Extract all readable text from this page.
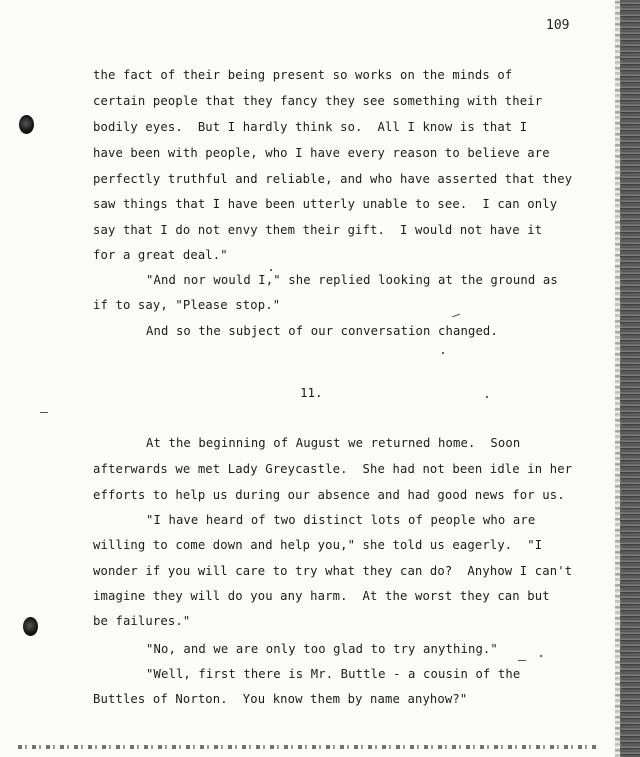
109
the fact of their being present so works on the minds of
certain people that they fancy they see something with their
bodily eyes.  But I hardly think so.  All I know is that I
have been with people, who I have every reason to believe are
perfectly truthful and reliable, and who have asserted that they
saw things that I have been utterly unable to see.  I can only
say that I do not envy them their gift.  I would not have it
for a great deal."
"And nor would I," she replied looking at the ground as
if to say, "Please stop."
And so the subject of our conversation changed.
11.
At the beginning of August we returned home.  Soon
afterwards we met Lady Greycastle.  She had not been idle in her
efforts to help us during our absence and had good news for us.
"I have heard of two distinct lots of people who are
willing to come down and help you," she told us eagerly.  "I
wonder if you will care to try what they can do?  Anyhow I can't
imagine they will do you any harm.  At the worst they can but
be failures."
"No, and we are only too glad to try anything."
"Well, first there is Mr. Buttle - a cousin of the
Buttles of Norton.  You know them by name anyhow?"
